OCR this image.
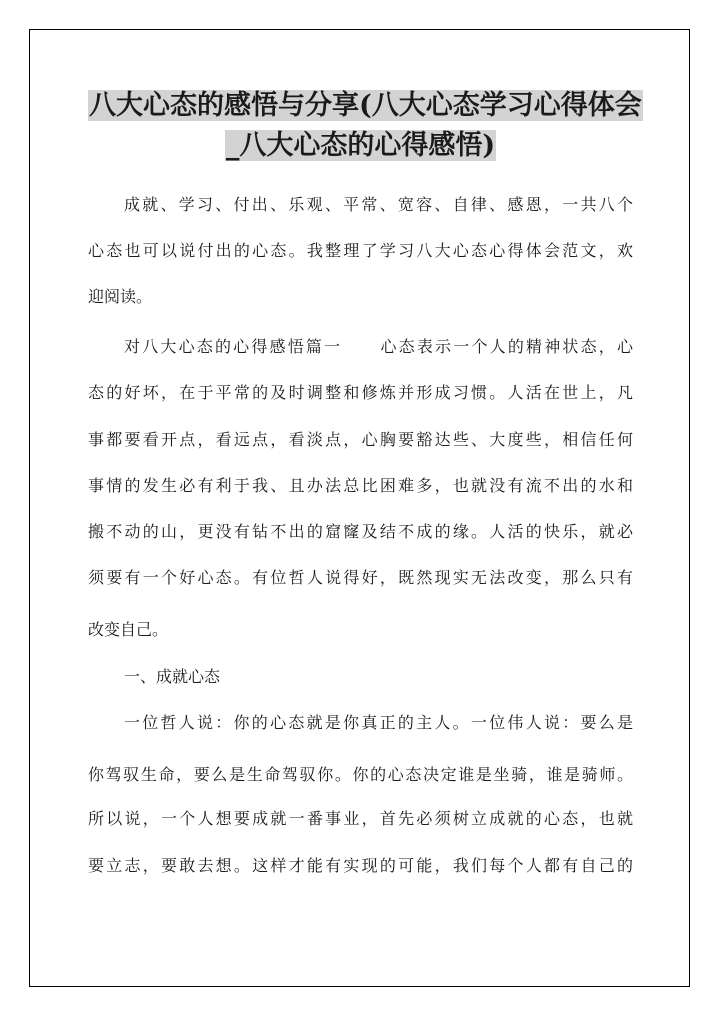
八大心态的感悟与分享(八大心态学习心得体会
_八大心态的心得感悟)
成就、学习、付出、乐观、平常、宽容、自律、感恩，一共八个
心态也可以说付出的心态。我整理了学习八大心态心得体会范文，欢
迎阅读。
对八大心态的心得感悟篇一 心态表示一个人的精神状态，心
态的好坏，在于平常的及时调整和修炼并形成习惯。人活在世上，凡
事都要看开点，看远点，看淡点，心胸要豁达些、大度些，相信任何
事情的发生必有利于我、且办法总比困难多，也就没有流不出的水和
搬不动的山，更没有钻不出的窟窿及结不成的缘。人活的快乐，就必
须要有一个好心态。有位哲人说得好，既然现实无法改变，那么只有
改变自己。
一、成就心态
一位哲人说：你的心态就是你真正的主人。一位伟人说：要么是
你驾驭生命，要么是生命驾驭你。你的心态决定谁是坐骑，谁是骑师。
所以说，一个人想要成就一番事业，首先必须树立成就的心态，也就
要立志，要敢去想。这样才能有实现的可能，我们每个人都有自己的
